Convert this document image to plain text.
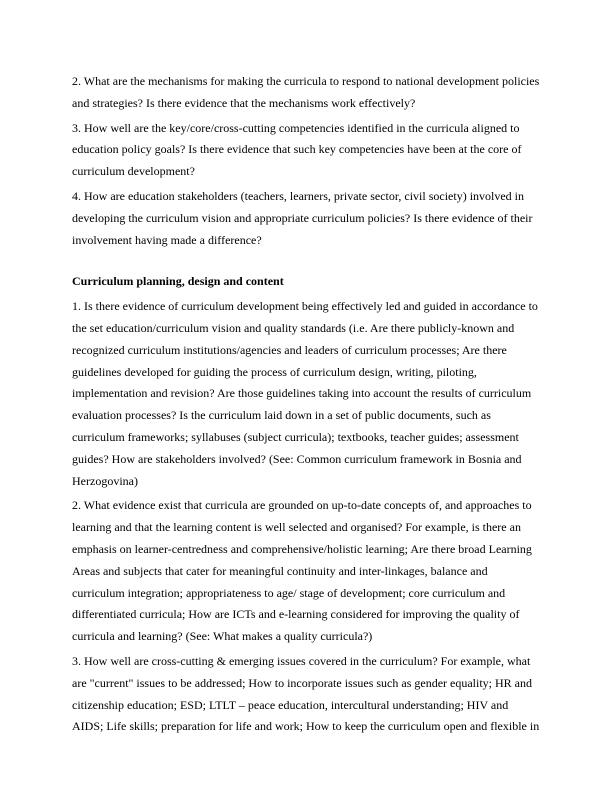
2. What are the mechanisms for making the curricula to respond to national development policies
and strategies? Is there evidence that the mechanisms work effectively?
3. How well are the key/core/cross-cutting competencies identified in the curricula aligned to
education policy goals? Is there evidence that such key competencies have been at the core of
curriculum development?
4. How are education stakeholders (teachers, learners, private sector, civil society) involved in
developing the curriculum vision and appropriate curriculum policies? Is there evidence of their
involvement having made a difference?
Curriculum planning, design and content
1. Is there evidence of curriculum development being effectively led and guided in accordance to
the set education/curriculum vision and quality standards (i.e. Are there publicly-known and
recognized curriculum institutions/agencies and leaders of curriculum processes; Are there
guidelines developed for guiding the process of curriculum design, writing, piloting,
implementation and revision? Are those guidelines taking into account the results of curriculum
evaluation processes? Is the curriculum laid down in a set of public documents, such as
curriculum frameworks; syllabuses (subject curricula); textbooks, teacher guides; assessment
guides? How are stakeholders involved? (See: Common curriculum framework in Bosnia and
Herzogovina)
2. What evidence exist that curricula are grounded on up-to-date concepts of, and approaches to
learning and that the learning content is well selected and organised? For example, is there an
emphasis on learner-centredness and comprehensive/holistic learning; Are there broad Learning
Areas and subjects that cater for meaningful continuity and inter-linkages, balance and
curriculum integration; appropriateness to age/ stage of development; core curriculum and
differentiated curricula; How are ICTs and e-learning considered for improving the quality of
curricula and learning? (See: What makes a quality curricula?)
3. How well are cross-cutting & emerging issues covered in the curriculum? For example, what
are "current" issues to be addressed; How to incorporate issues such as gender equality; HR and
citizenship education; ESD; LTLT – peace education, intercultural understanding; HIV and
AIDS; Life skills; preparation for life and work; How to keep the curriculum open and flexible in
